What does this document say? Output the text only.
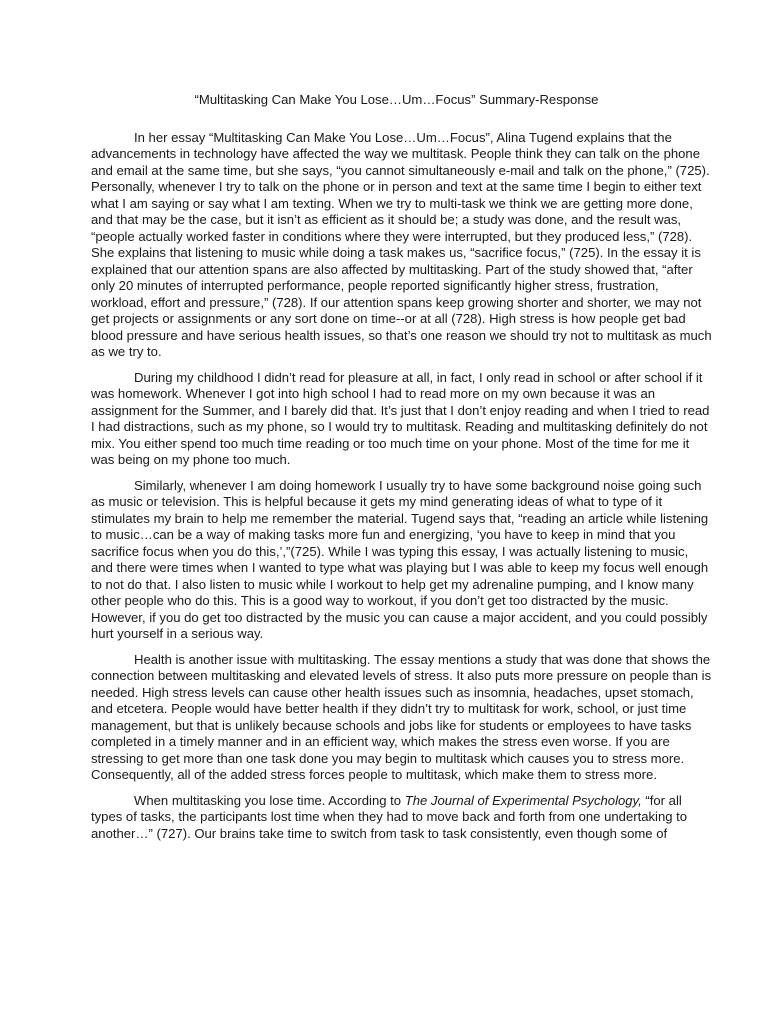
“Multitasking Can Make You Lose…Um…Focus” Summary-Response

In her essay “Multitasking Can Make You Lose…Um…Focus”, Alina Tugend explains that the advancements in technology have affected the way we multitask. People think they can talk on the phone and email at the same time, but she says, “you cannot simultaneously e-mail and talk on the phone,” (725). Personally, whenever I try to talk on the phone or in person and text at the same time I begin to either text what I am saying or say what I am texting. When we try to multi-task we think we are getting more done, and that may be the case, but it isn’t as efficient as it should be; a study was done, and the result was, “people actually worked faster in conditions where they were interrupted, but they produced less,” (728). She explains that listening to music while doing a task makes us, “sacrifice focus,” (725). In the essay it is explained that our attention spans are also affected by multitasking. Part of the study showed that, “after only 20 minutes of interrupted performance, people reported significantly higher stress, frustration, workload, effort and pressure,” (728). If our attention spans keep growing shorter and shorter, we may not get projects or assignments or any sort done on time--or at all (728). High stress is how people get bad blood pressure and have serious health issues, so that’s one reason we should try not to multitask as much as we try to.

During my childhood I didn’t read for pleasure at all, in fact, I only read in school or after school if it was homework. Whenever I got into high school I had to read more on my own because it was an assignment for the Summer, and I barely did that. It’s just that I don’t enjoy reading and when I tried to read I had distractions, such as my phone, so I would try to multitask. Reading and multitasking definitely do not mix. You either spend too much time reading or too much time on your phone. Most of the time for me it was being on my phone too much.

Similarly, whenever I am doing homework I usually try to have some background noise going such as music or television. This is helpful because it gets my mind generating ideas of what to type of it stimulates my brain to help me remember the material. Tugend says that, “reading an article while listening to music…can be a way of making tasks more fun and energizing, ‘you have to keep in mind that you sacrifice focus when you do this,’,”(725). While I was typing this essay, I was actually listening to music, and there were times when I wanted to type what was playing but I was able to keep my focus well enough to not do that. I also listen to music while I workout to help get my adrenaline pumping, and I know many other people who do this. This is a good way to workout, if you don’t get too distracted by the music. However, if you do get too distracted by the music you can cause a major accident, and you could possibly hurt yourself in a serious way.

Health is another issue with multitasking. The essay mentions a study that was done that shows the connection between multitasking and elevated levels of stress. It also puts more pressure on people than is needed. High stress levels can cause other health issues such as insomnia, headaches, upset stomach, and etcetera. People would have better health if they didn’t try to multitask for work, school, or just time management, but that is unlikely because schools and jobs like for students or employees to have tasks completed in a timely manner and in an efficient way, which makes the stress even worse. If you are stressing to get more than one task done you may begin to multitask which causes you to stress more. Consequently, all of the added stress forces people to multitask, which make them to stress more.

When multitasking you lose time. According to The Journal of Experimental Psychology, “for all types of tasks, the participants lost time when they had to move back and forth from one undertaking to another…” (727). Our brains take time to switch from task to task consistently, even though some of
